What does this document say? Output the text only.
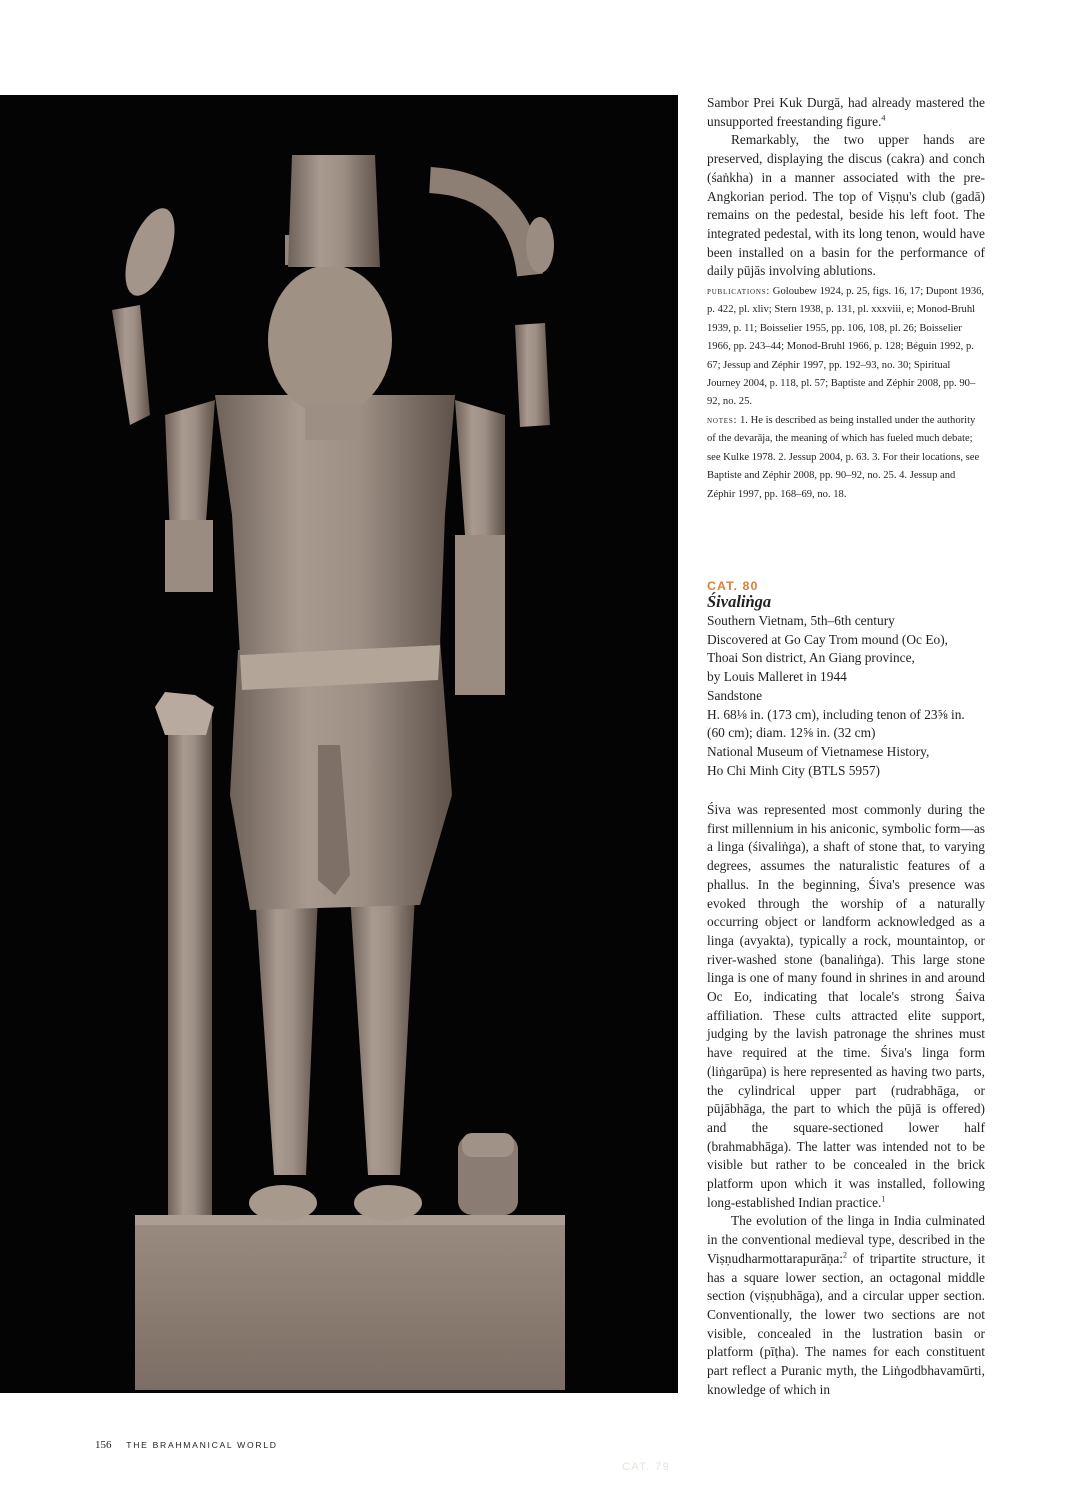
CAT. 79

Sambor Prei Kuk Durgā, had already mastered the unsupported freestanding figure.$^4$

Remarkably, the two upper hands are preserved, displaying the discus (cakra) and conch (śaṅkha) in a manner associated with the pre-Angkorian period. The top of Viṣṇu's club (gadā) remains on the pedestal, beside his left foot. The integrated pedestal, with its long tenon, would have been installed on a basin for the performance of daily pūjās involving ablutions.

publications: Goloubew 1924, p. 25, figs. 16, 17; Dupont 1936, p. 422, pl. xliv; Stern 1938, p. 131, pl. xxxviii, e; Monod-Bruhl 1939, p. 11; Boisselier 1955, pp. 106, 108, pl. 26; Boisselier 1966, pp. 243–44; Monod-Bruhl 1966, p. 128; Béguin 1992, p. 67; Jessup and Zéphir 1997, pp. 192–93, no. 30; Spiritual Journey 2004, p. 118, pl. 57; Baptiste and Zéphir 2008, pp. 90–92, no. 25.

notes: 1. He is described as being installed under the authority of the devarāja, the meaning of which has fueled much debate; see Kulke 1978. 2. Jessup 2004, p. 63. 3. For their locations, see Baptiste and Zéphir 2008, pp. 90–92, no. 25. 4. Jessup and Zéphir 1997, pp. 168–69, no. 18.

CAT. 80
Śivaliṅga
Southern Vietnam, 5th–6th century
Discovered at Go Cay Trom mound (Oc Eo),
Thoai Son district, An Giang province,
by Louis Malleret in 1944
Sandstone
H. 68⅛ in. (173 cm), including tenon of 23⅝ in.
(60 cm); diam. 12⅝ in. (32 cm)
National Museum of Vietnamese History,
Ho Chi Minh City (BTLS 5957)

Śiva was represented most commonly during the first millennium in his aniconic, symbolic form—as a linga (śivaliṅga), a shaft of stone that, to varying degrees, assumes the naturalistic features of a phallus. In the beginning, Śiva's presence was evoked through the worship of a naturally occurring object or landform acknowledged as a linga (avyakta), typically a rock, mountaintop, or river-washed stone (banaliṅga). This large stone linga is one of many found in shrines in and around Oc Eo, indicating that locale's strong Śaiva affiliation. These cults attracted elite support, judging by the lavish patronage the shrines must have required at the time. Śiva's linga form (liṅgarūpa) is here represented as having two parts, the cylindrical upper part (rudrabhāga, or pūjābhāga, the part to which the pūjā is offered) and the square-sectioned lower half (brahmabhāga). The latter was intended not to be visible but rather to be concealed in the brick platform upon which it was installed, following long-established Indian practice.$^1$

The evolution of the linga in India culminated in the conventional medieval type, described in the Viṣṇudharmottarapurāṇa:$^2$ of tripartite structure, it has a square lower section, an octagonal middle section (viṣṇubhāga), and a circular upper section. Conventionally, the lower two sections are not visible, concealed in the lustration basin or platform (pīṭha). The names for each constituent part reflect a Puranic myth, the Liṅgodbhavamūrti, knowledge of which in

156 THE BRAHMANICAL WORLD
